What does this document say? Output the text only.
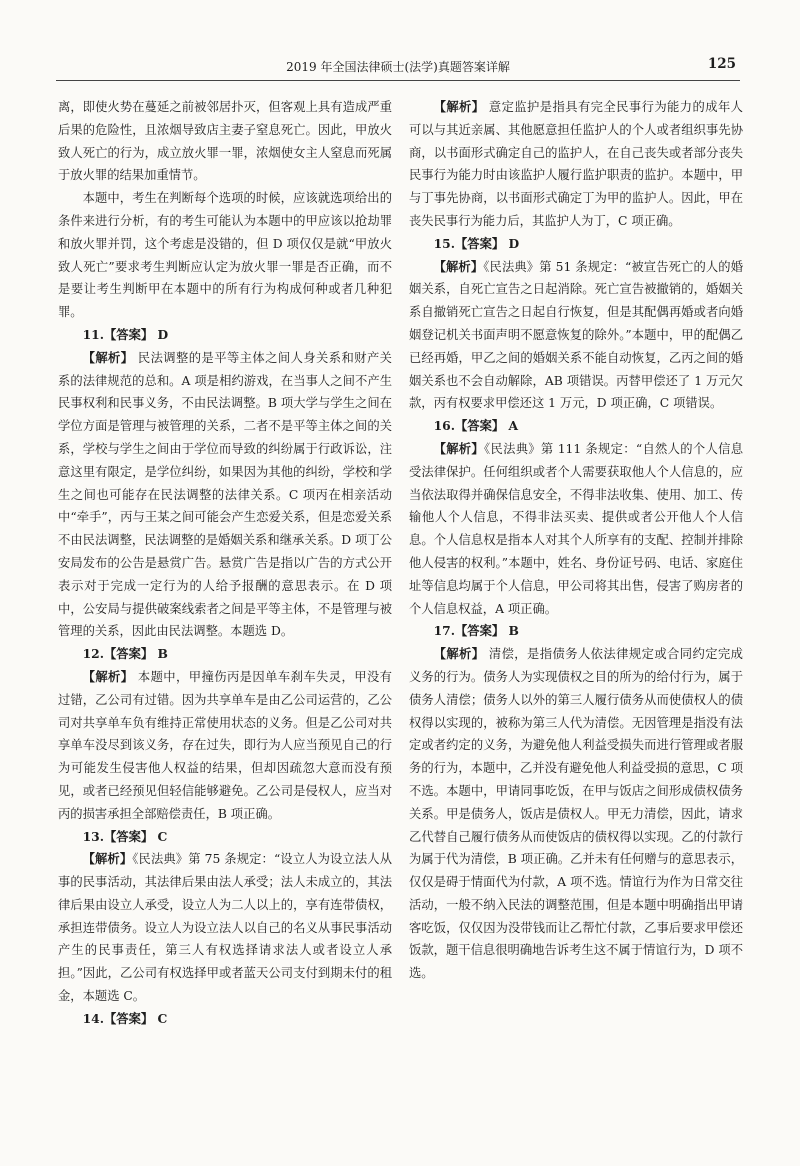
2019 年全国法律硕士(法学)真题答案详解	125

离，即使火势在蔓延之前被邻居扑灭，但客观上具有造成严重后果的危险性，且浓烟导致店主妻子窒息死亡。因此，甲放火致人死亡的行为，成立放火罪一罪，浓烟使女主人窒息而死属于放火罪的结果加重情节。

本题中，考生在判断每个选项的时候，应该就选项给出的条件来进行分析，有的考生可能认为本题中的甲应该以抢劫罪和放火罪并罚，这个考虑是没错的，但 D 项仅仅是就“甲放火致人死亡”要求考生判断应认定为放火罪一罪是否正确，而不是要让考生判断甲在本题中的所有行为构成何种或者几种犯罪。

11.【答案】 D

【解析】 民法调整的是平等主体之间人身关系和财产关系的法律规范的总和。A 项是相约游戏，在当事人之间不产生民事权利和民事义务，不由民法调整。B 项大学与学生之间在学位方面是管理与被管理的关系，二者不是平等主体之间的关系，学校与学生之间由于学位而导致的纠纷属于行政诉讼，注意这里有限定，是学位纠纷，如果因为其他的纠纷，学校和学生之间也可能存在民法调整的法律关系。C 项丙在相亲活动中“牵手”，丙与王某之间可能会产生恋爱关系，但是恋爱关系不由民法调整，民法调整的是婚姻关系和继承关系。D 项丁公安局发布的公告是悬赏广告。悬赏广告是指以广告的方式公开表示对于完成一定行为的人给予报酬的意思表示。在 D 项中，公安局与提供破案线索者之间是平等主体，不是管理与被管理的关系，因此由民法调整。本题选 D。

12.【答案】 B

【解析】 本题中，甲撞伤丙是因单车刹车失灵，甲没有过错，乙公司有过错。因为共享单车是由乙公司运营的，乙公司对共享单车负有维持正常使用状态的义务。但是乙公司对共享单车没尽到该义务，存在过失，即行为人应当预见自己的行为可能发生侵害他人权益的结果，但却因疏忽大意而没有预见，或者已经预见但轻信能够避免。乙公司是侵权人，应当对丙的损害承担全部赔偿责任，B 项正确。

13.【答案】 C

【解析】《民法典》第 75 条规定：“设立人为设立法人从事的民事活动，其法律后果由法人承受；法人未成立的，其法律后果由设立人承受，设立人为二人以上的，享有连带债权，承担连带债务。设立人为设立法人以自己的名义从事民事活动产生的民事责任，第三人有权选择请求法人或者设立人承担。”因此，乙公司有权选择甲或者蓝天公司支付到期未付的租金，本题选 C。

14.【答案】 C

【解析】 意定监护是指具有完全民事行为能力的成年人可以与其近亲属、其他愿意担任监护人的个人或者组织事先协商，以书面形式确定自己的监护人，在自己丧失或者部分丧失民事行为能力时由该监护人履行监护职责的监护。本题中，甲与丁事先协商，以书面形式确定丁为甲的监护人。因此，甲在丧失民事行为能力后，其监护人为丁，C 项正确。

15.【答案】 D

【解析】《民法典》第 51 条规定：“被宣告死亡的人的婚姻关系，自死亡宣告之日起消除。死亡宣告被撤销的，婚姻关系自撤销死亡宣告之日起自行恢复，但是其配偶再婚或者向婚姻登记机关书面声明不愿意恢复的除外。”本题中，甲的配偶乙已经再婚，甲乙之间的婚姻关系不能自动恢复，乙丙之间的婚姻关系也不会自动解除，AB 项错误。丙替甲偿还了 1 万元欠款，丙有权要求甲偿还这 1 万元，D 项正确，C 项错误。

16.【答案】 A

【解析】《民法典》第 111 条规定：“自然人的个人信息受法律保护。任何组织或者个人需要获取他人个人信息的，应当依法取得并确保信息安全，不得非法收集、使用、加工、传输他人个人信息，不得非法买卖、提供或者公开他人个人信息。个人信息权是指本人对其个人所享有的支配、控制并排除他人侵害的权利。”本题中，姓名、身份证号码、电话、家庭住址等信息均属于个人信息，甲公司将其出售，侵害了购房者的个人信息权益，A 项正确。

17.【答案】 B

【解析】 清偿，是指债务人依法律规定或合同约定完成义务的行为。债务人为实现债权之目的所为的给付行为，属于债务人清偿；债务人以外的第三人履行债务从而使债权人的债权得以实现的，被称为第三人代为清偿。无因管理是指没有法定或者约定的义务，为避免他人利益受损失而进行管理或者服务的行为，本题中，乙并没有避免他人利益受损的意思，C 项不选。本题中，甲请同事吃饭，在甲与饭店之间形成债权债务关系。甲是债务人，饭店是债权人。甲无力清偿，因此，请求乙代替自己履行债务从而使饭店的债权得以实现。乙的付款行为属于代为清偿，B 项正确。乙并未有任何赠与的意思表示，仅仅是碍于情面代为付款，A 项不选。情谊行为作为日常交往活动，一般不纳入民法的调整范围，但是本题中明确指出甲请客吃饭，仅仅因为没带钱而让乙帮忙付款，乙事后要求甲偿还饭款，题干信息很明确地告诉考生这不属于情谊行为，D 项不选。
